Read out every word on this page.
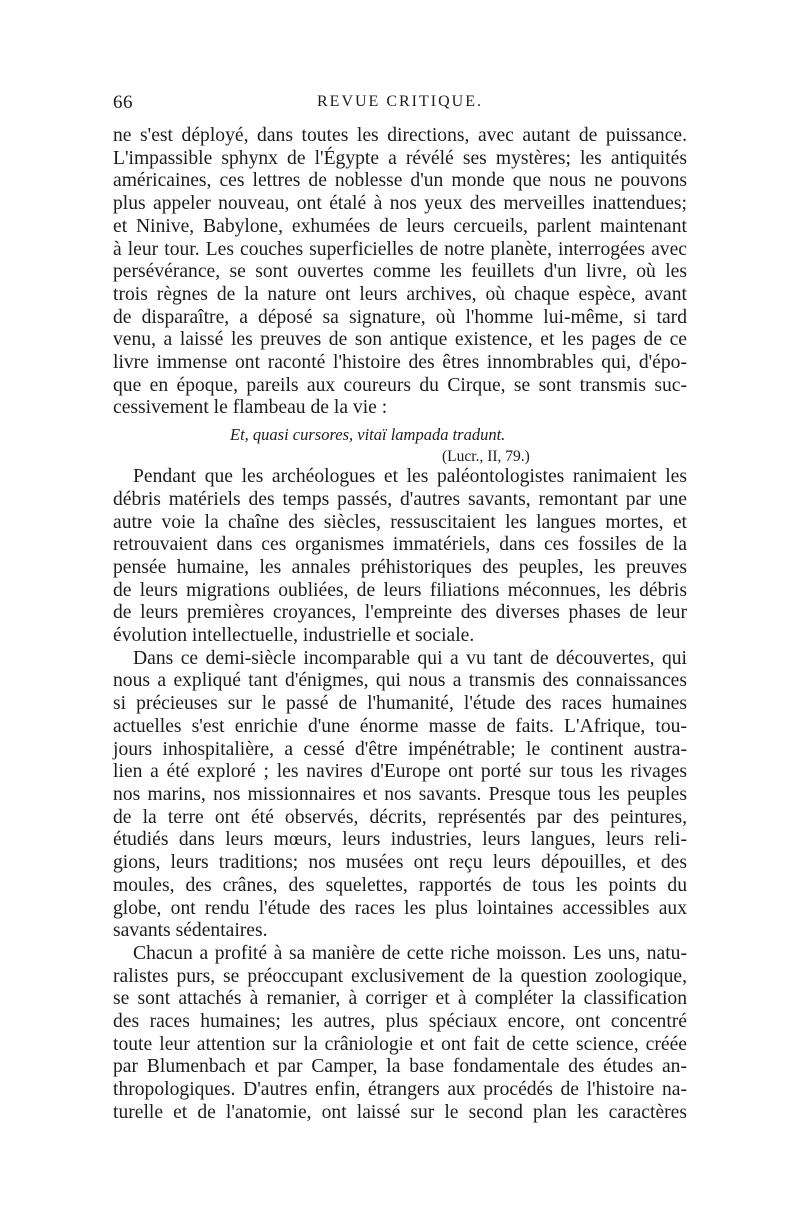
66	REVUE CRITIQUE.
ne s'est déployé, dans toutes les directions, avec autant de puissance.
L'impassible sphynx de l'Égypte a révélé ses mystères; les antiquités
américaines, ces lettres de noblesse d'un monde que nous ne pouvons
plus appeler nouveau, ont étalé à nos yeux des merveilles inattendues;
et Ninive, Babylone, exhumées de leurs cercueils, parlent maintenant
à leur tour. Les couches superficielles de notre planète, interrogées avec
persévérance, se sont ouvertes comme les feuillets d'un livre, où les
trois règnes de la nature ont leurs archives, où chaque espèce, avant
de disparaître, a déposé sa signature, où l'homme lui-même, si tard
venu, a laissé les preuves de son antique existence, et les pages de ce
livre immense ont raconté l'histoire des êtres innombrables qui, d'épo-
que en époque, pareils aux coureurs du Cirque, se sont transmis suc-
cessivement le flambeau de la vie :
Et, quasi cursores, vitaï lampada tradunt.
(Lucr., II, 79.)
Pendant que les archéologues et les paléontologistes ranimaient les
débris matériels des temps passés, d'autres savants, remontant par une
autre voie la chaîne des siècles, ressuscitaient les langues mortes, et
retrouvaient dans ces organismes immatériels, dans ces fossiles de la
pensée humaine, les annales préhistoriques des peuples, les preuves
de leurs migrations oubliées, de leurs filiations méconnues, les débris
de leurs premières croyances, l'empreinte des diverses phases de leur
évolution intellectuelle, industrielle et sociale.
Dans ce demi-siècle incomparable qui a vu tant de découvertes, qui
nous a expliqué tant d'énigmes, qui nous a transmis des connaissances
si précieuses sur le passé de l'humanité, l'étude des races humaines
actuelles s'est enrichie d'une énorme masse de faits. L'Afrique, tou-
jours inhospitalière, a cessé d'être impénétrable; le continent austra-
lien a été exploré ; les navires d'Europe ont porté sur tous les rivages
nos marins, nos missionnaires et nos savants. Presque tous les peuples
de la terre ont été observés, décrits, représentés par des peintures,
étudiés dans leurs mœurs, leurs industries, leurs langues, leurs reli-
gions, leurs traditions; nos musées ont reçu leurs dépouilles, et des
moules, des crânes, des squelettes, rapportés de tous les points du
globe, ont rendu l'étude des races les plus lointaines accessibles aux
savants sédentaires.
Chacun a profité à sa manière de cette riche moisson. Les uns, natu-
ralistes purs, se préoccupant exclusivement de la question zoologique,
se sont attachés à remanier, à corriger et à compléter la classification
des races humaines; les autres, plus spéciaux encore, ont concentré
toute leur attention sur la crâniologie et ont fait de cette science, créée
par Blumenbach et par Camper, la base fondamentale des études an-
thropologiques. D'autres enfin, étrangers aux procédés de l'histoire na-
turelle et de l'anatomie, ont laissé sur le second plan les caractères
